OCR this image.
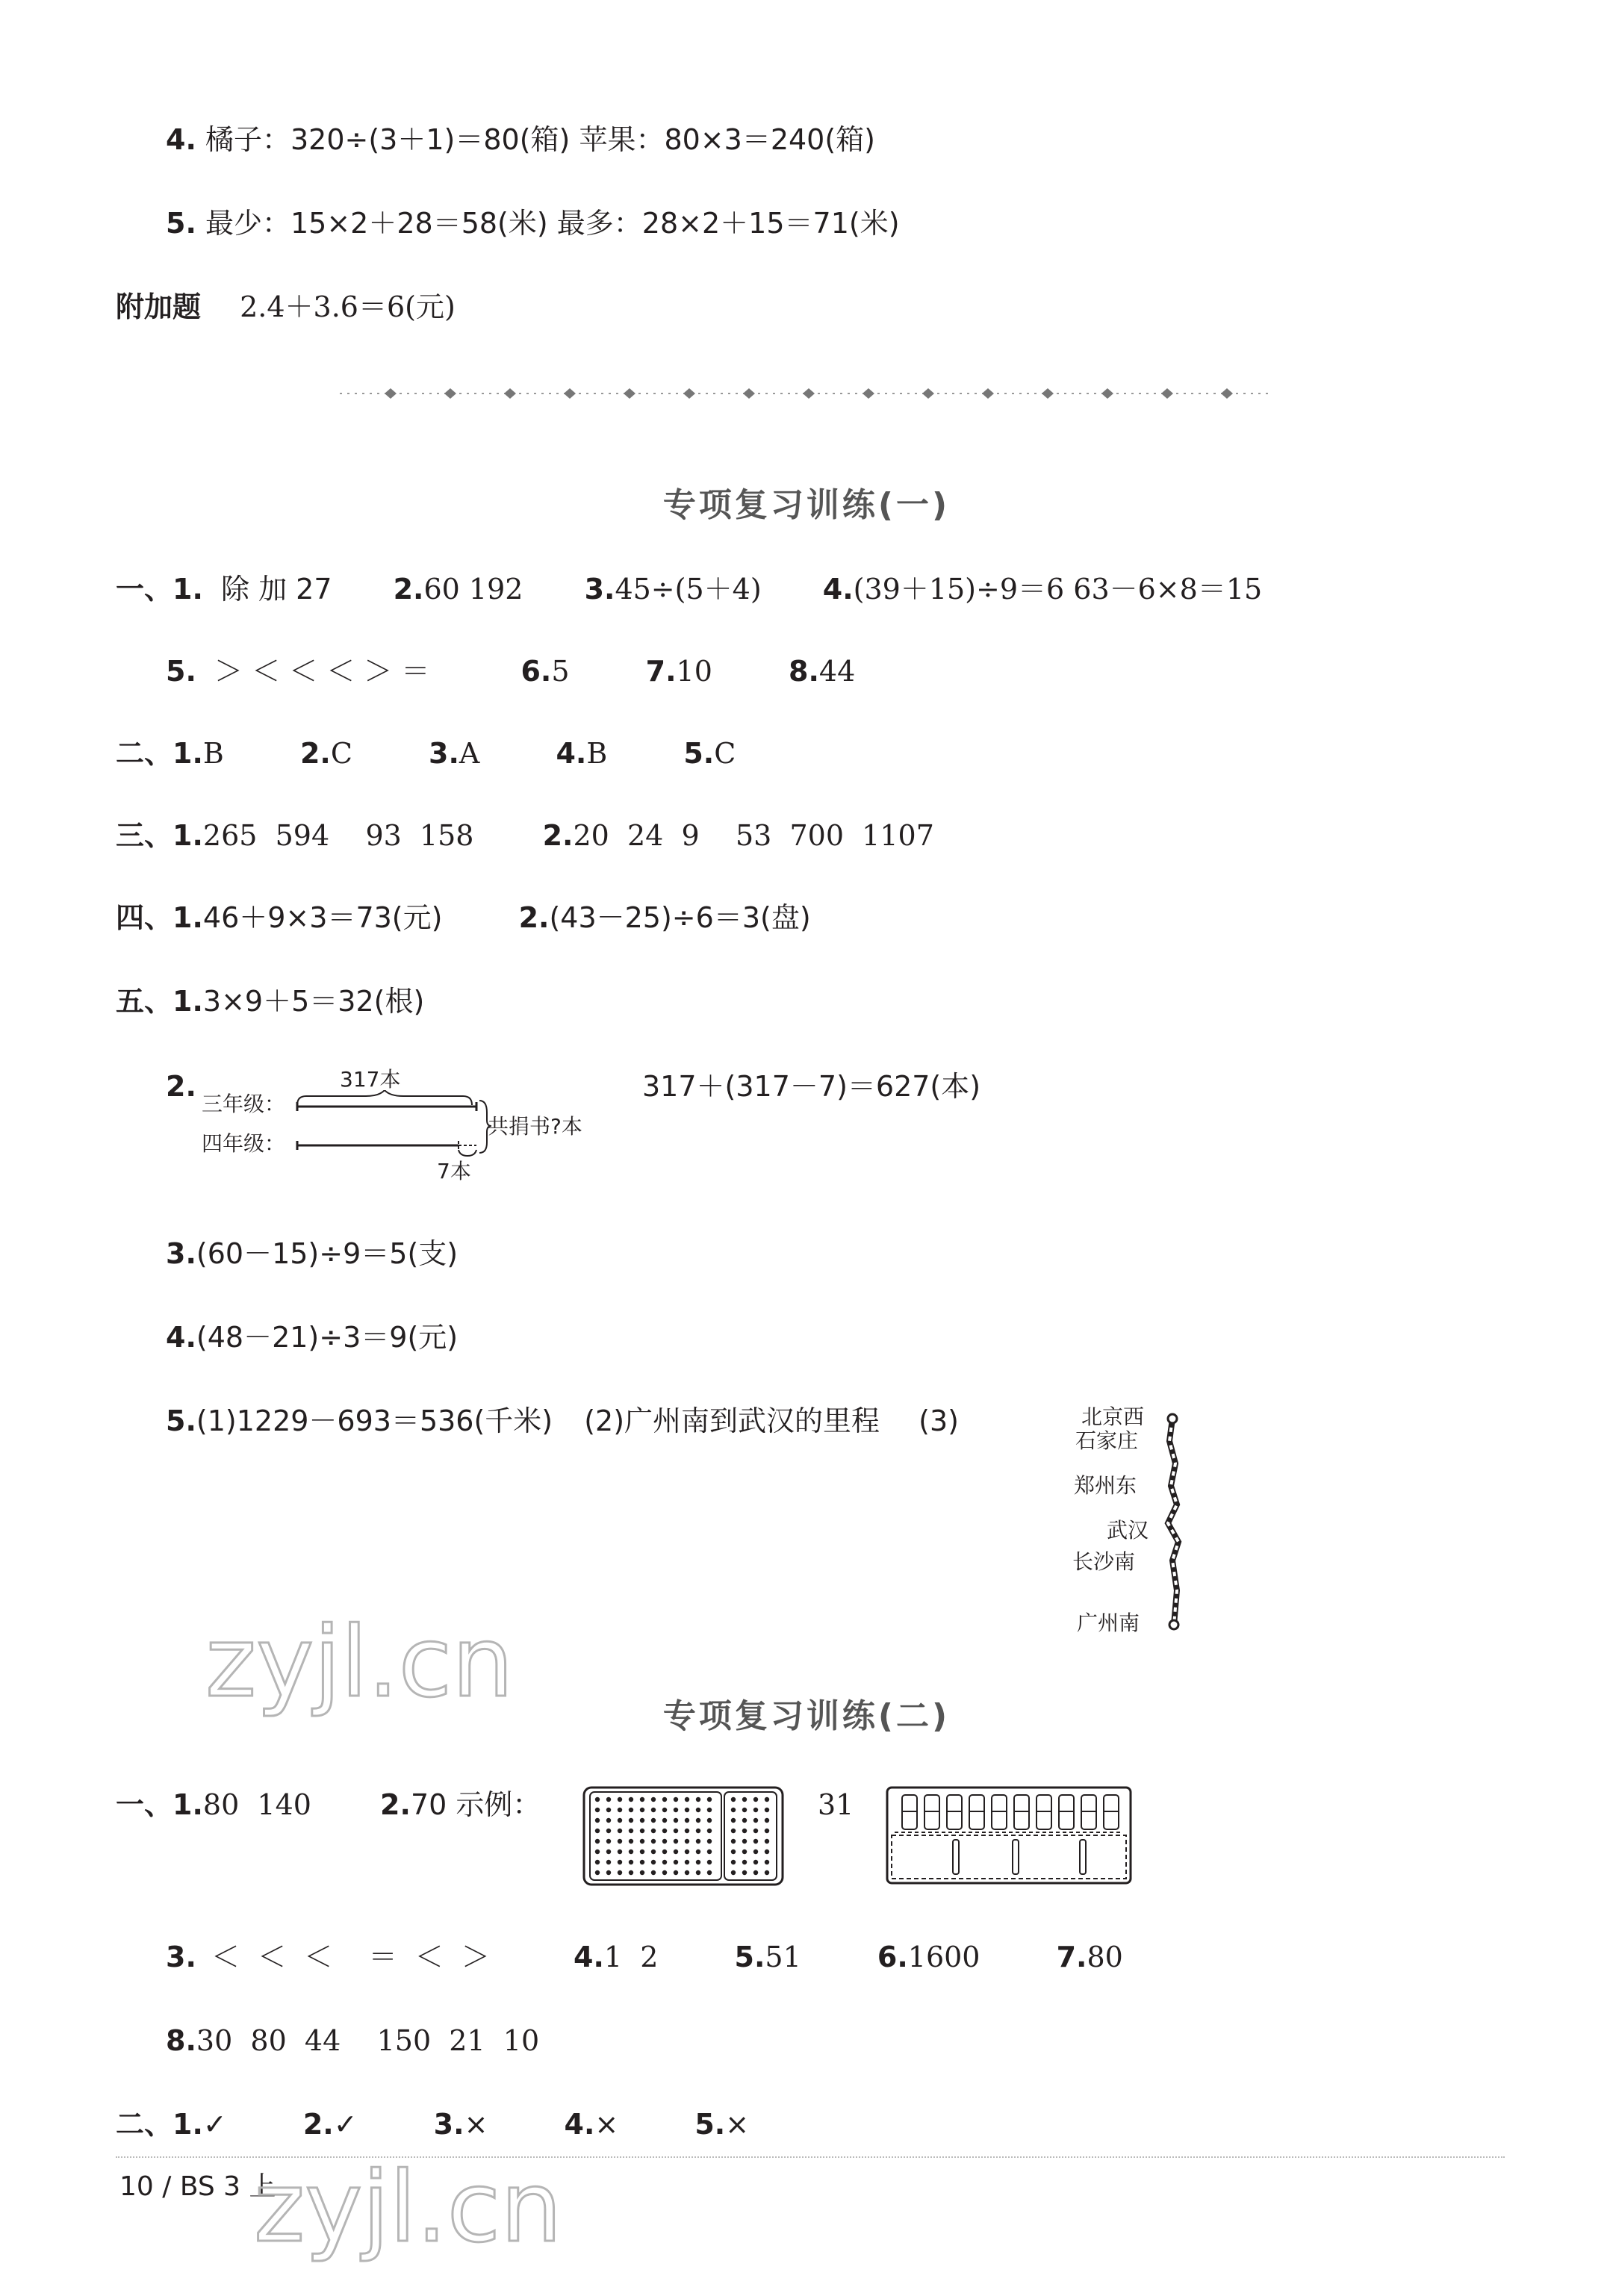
4. 橘子：320÷(3＋1)＝80(箱) 苹果：80×3＝240(箱)
5. 最少：15×2＋28＝58(米) 最多：28×2＋15＝71(米)
附加题 2.4＋3.6＝6(元)
专项复习训练(一)
一、1. 除 加 27 2.60 192 3.45÷(5＋4) 4.(39＋15)÷9＝6 63－6×8＝15
5. ＞ ＜ ＜ ＜ ＞ ＝	6.5	7.10	8.44
二、1.B	2.C	3.A	4.B	5.C
三、1.265  594    93  158 2.20  24  9    53  700  1107
四、1.46＋9×3＝73(元)	2.(43－25)÷6＝3(盘)
五、1.3×9＋5＝32(根)
2.	317＋(317－7)＝627(本)
317本
三年级：
四年级：
共捐书?本
7本
3.(60－15)÷9＝5(支)
4.(48－21)÷3＝9(元)
5.(1)1229－693＝536(千米) (2)广州南到武汉的里程 (3)	北京西
石家庄
郑州东
武汉
长沙南
广州南
zyjl.cn	专项复习训练(二)
一、1.80  140 2.70 示例：	31
3. ＜  ＜  ＜    ＝  ＜  ＞	4.1  2	5.51	6.1600	7.80
8.30  80  44    150  21  10
二、1.✓	2.✓	3.×	4.×	5.×
10 / BS 3 上
zyjl.cn
